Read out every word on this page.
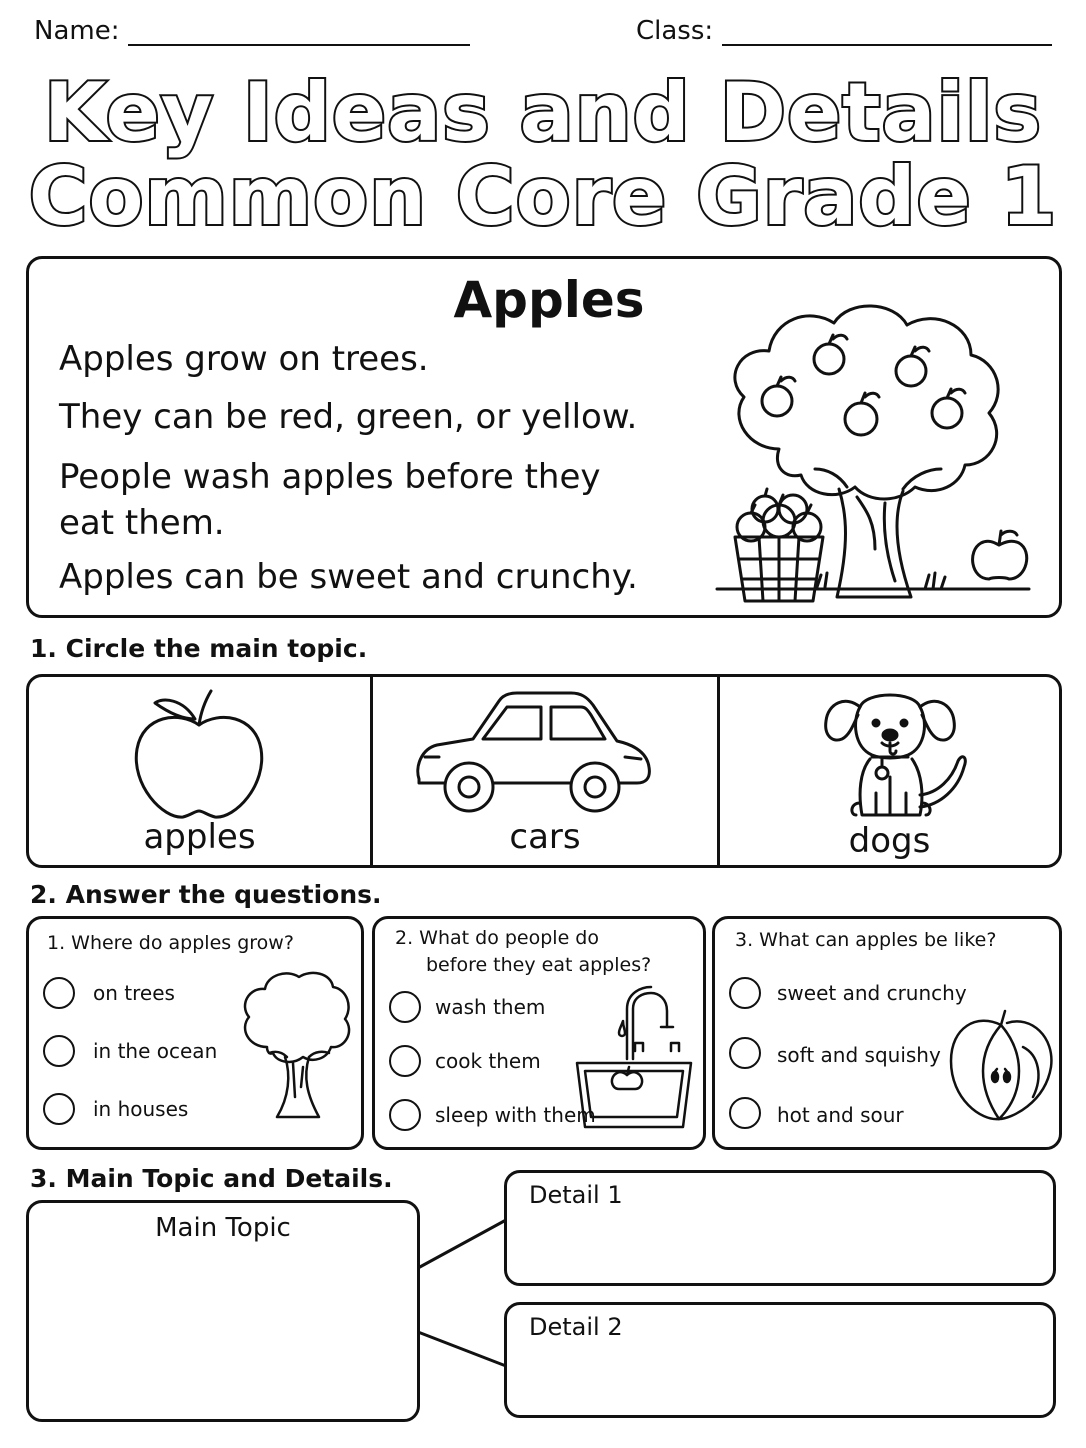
Name:	Class:
Key Ideas and Details
Common Core Grade 1
Apples
Apples grow on trees.
They can be red, green, or yellow.
People wash apples before they
eat them.
Apples can be sweet and crunchy.
1. Circle the main topic.
apples	cars	dogs
2. Answer the questions.
1. Where do apples grow?
on trees
in the ocean
in houses
2. What do people do
before they eat apples?
wash them
cook them
sleep with them
3. What can apples be like?
sweet and crunchy
soft and squishy
hot and sour
3. Main Topic and Details.
Main Topic
Detail 1
Detail 2
